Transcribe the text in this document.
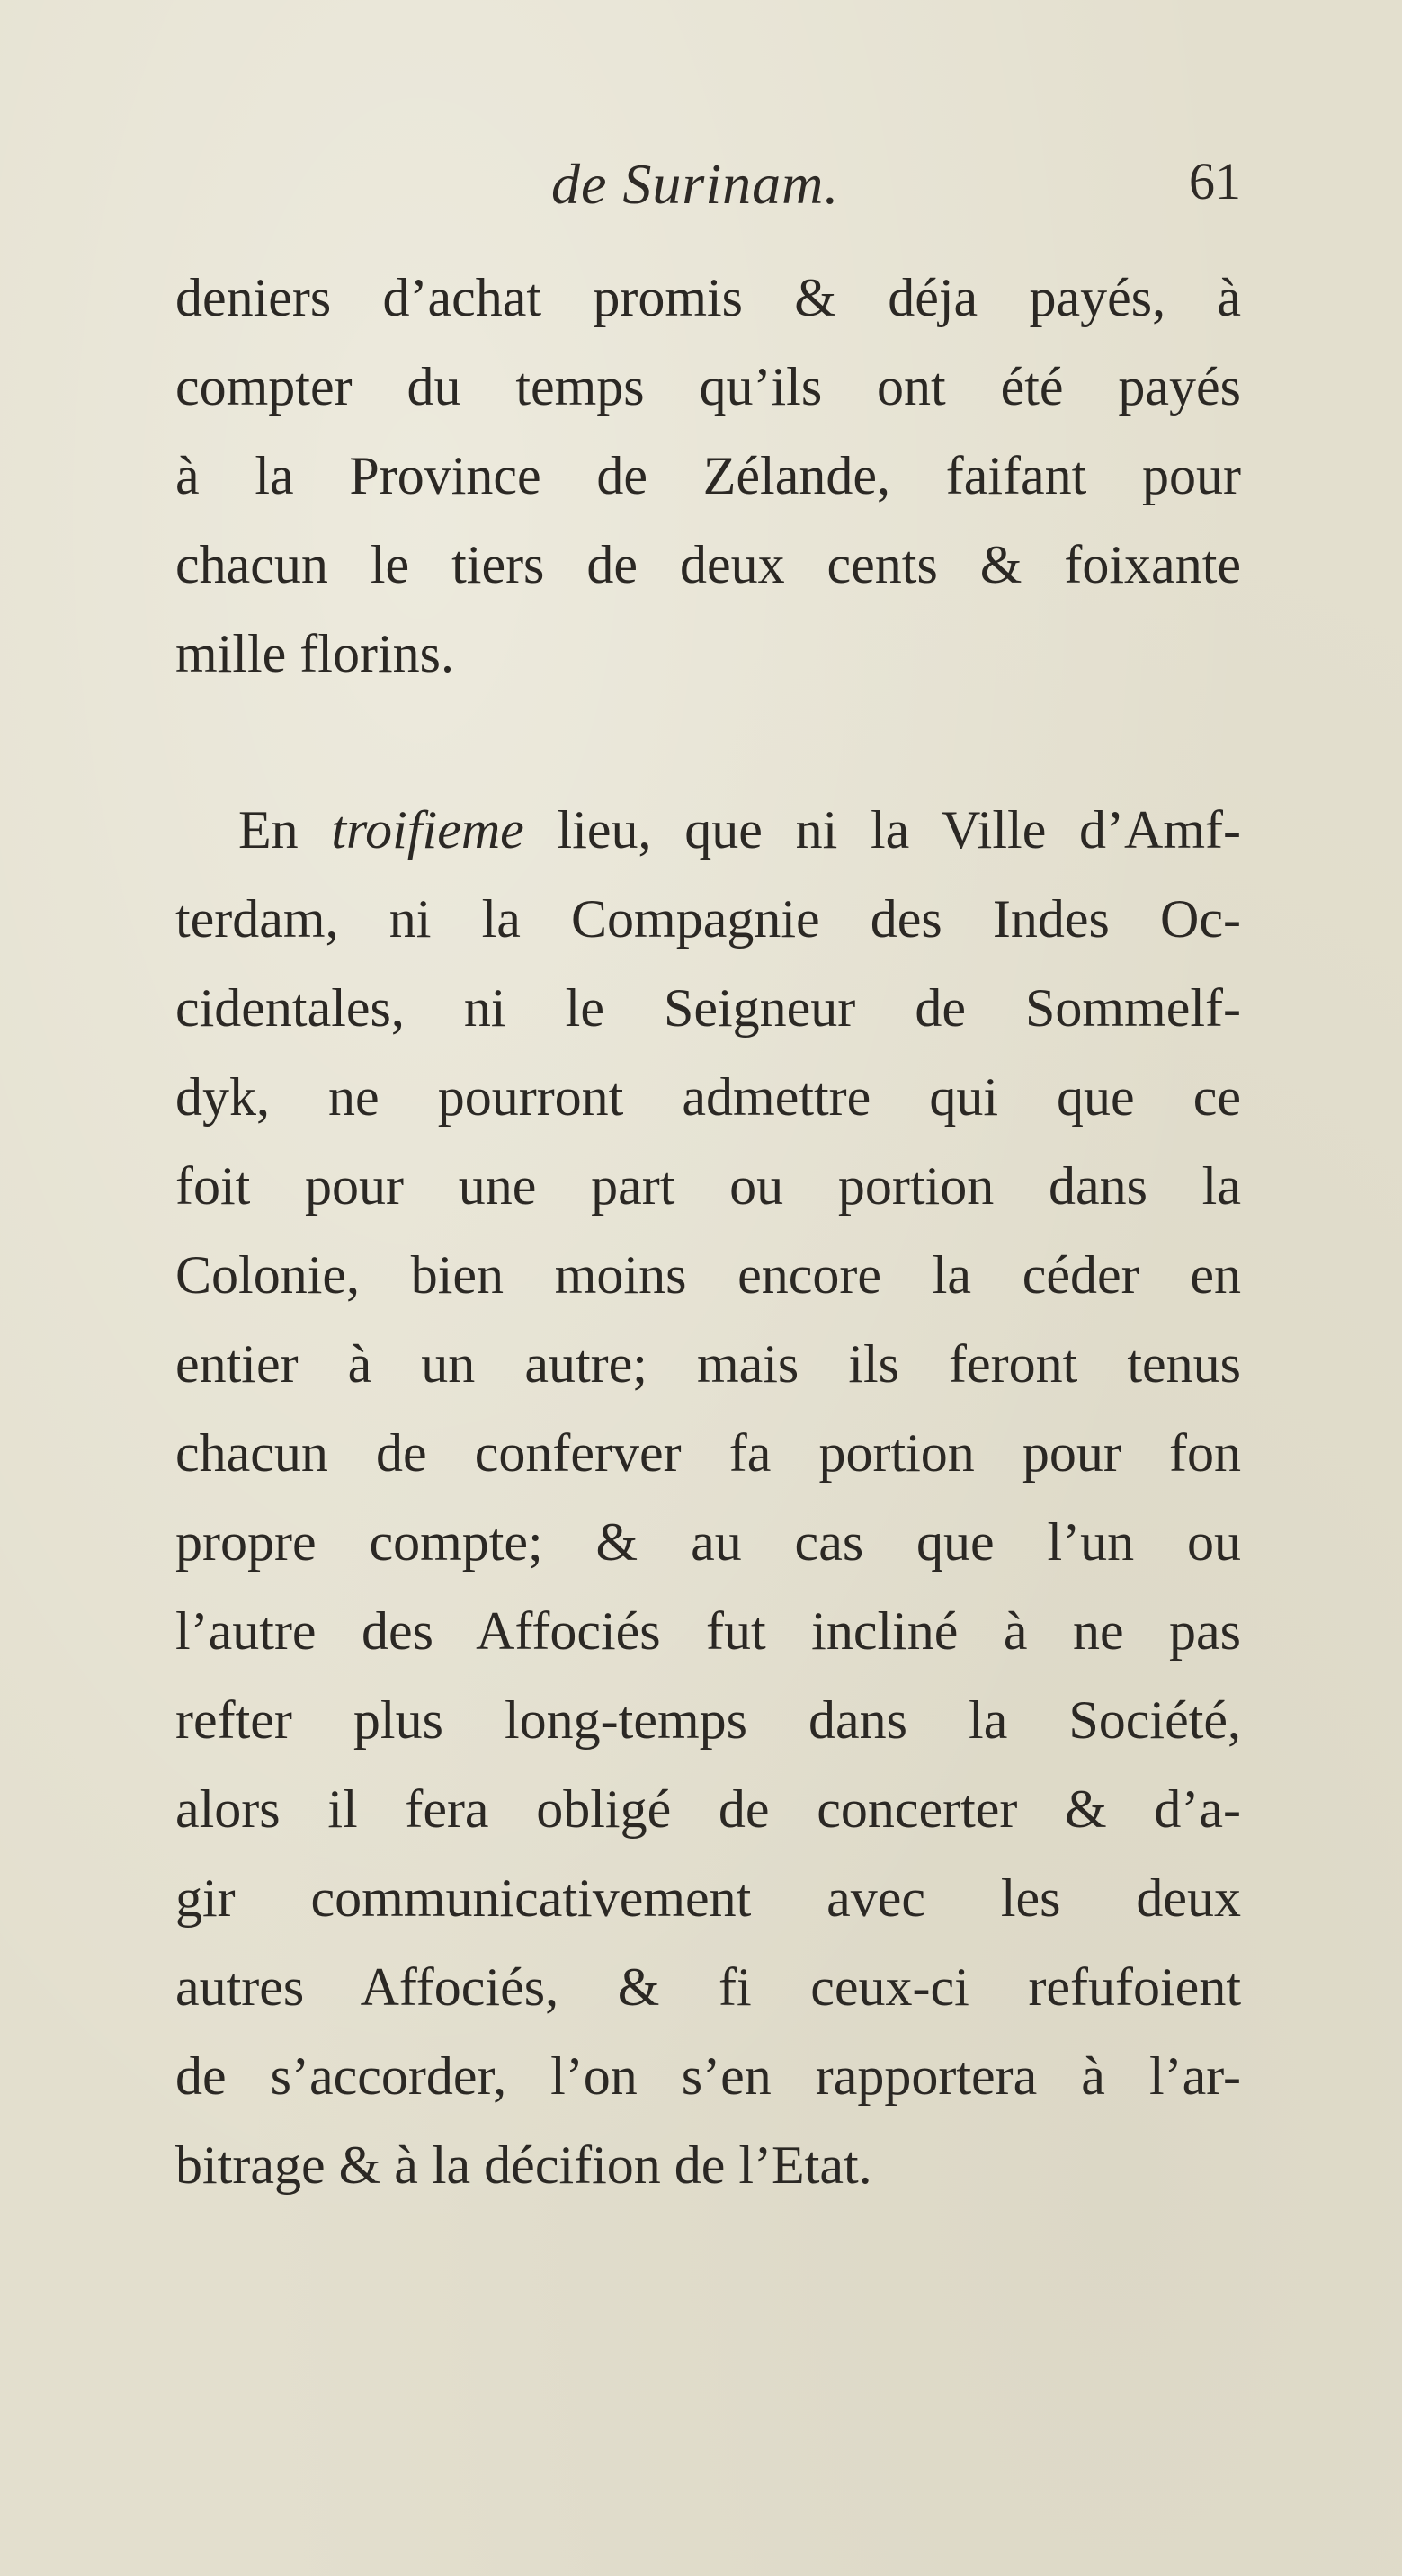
de Surinam.	61
deniers d’achat promis & déja payés, à
compter du temps qu’ils ont été payés
à la Province de Zélande, faifant pour
chacun le tiers de deux cents & foixante
mille florins.
En troifieme lieu, que ni la Ville d’Amf-
terdam, ni la Compagnie des Indes Oc-
cidentales, ni le Seigneur de Sommelf-
dyk, ne pourront admettre qui que ce
foit pour une part ou portion dans la
Colonie, bien moins encore la céder en
entier à un autre; mais ils feront tenus
chacun de conferver fa portion pour fon
propre compte; & au cas que l’un ou
l’autre des Affociés fut incliné à ne pas
refter plus long-temps dans la Société,
alors il fera obligé de concerter & d’a-
gir communicativement avec les deux
autres Affociés, & fi ceux-ci refufoient
de s’accorder, l’on s’en rapportera à l’ar-
bitrage & à la décifion de l’Etat.
